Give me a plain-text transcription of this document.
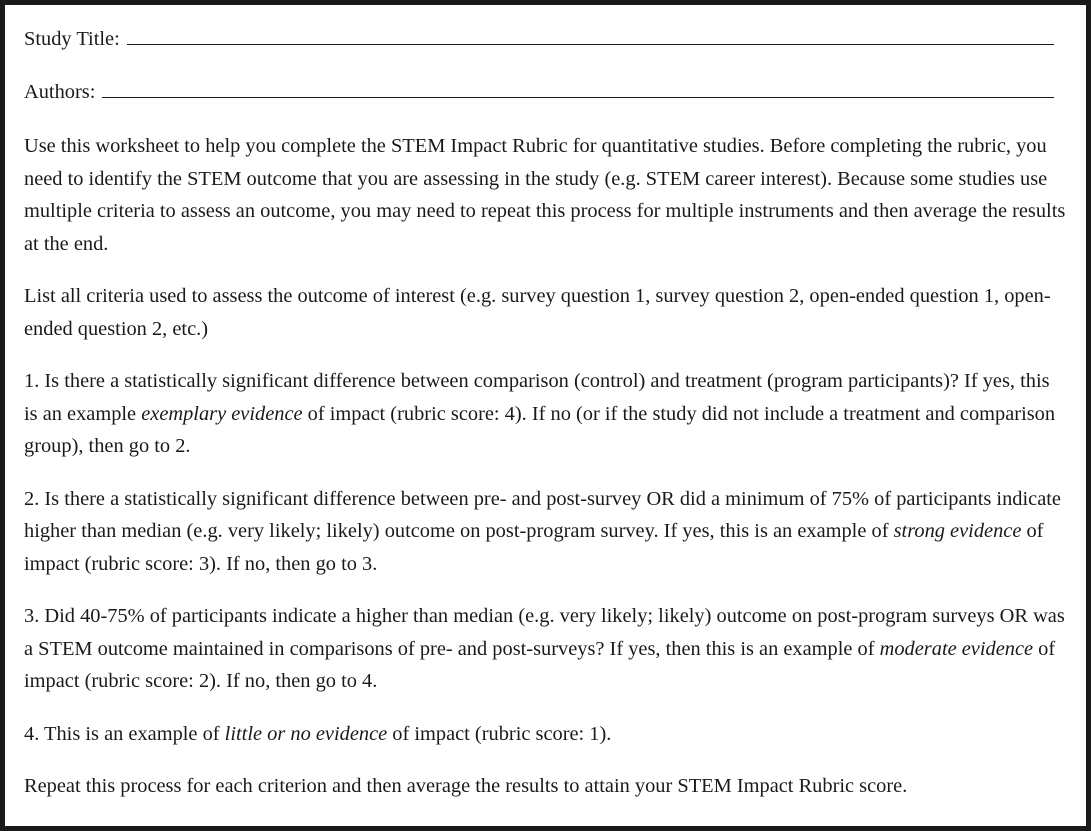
Study Title:
Authors:

Use this worksheet to help you complete the STEM Impact Rubric for quantitative studies. Before completing the rubric, you need to identify the STEM outcome that you are assessing in the study (e.g. STEM career interest). Because some studies use multiple criteria to assess an outcome, you may need to repeat this process for multiple instruments and then average the results at the end.

List all criteria used to assess the outcome of interest (e.g. survey question 1, survey question 2, open-ended question 1, open-ended question 2, etc.)

1. Is there a statistically significant difference between comparison (control) and treatment (program participants)? If yes, this is an example exemplary evidence of impact (rubric score: 4). If no (or if the study did not include a treatment and comparison group), then go to 2.

2. Is there a statistically significant difference between pre- and post-survey OR did a minimum of 75% of participants indicate higher than median (e.g. very likely; likely) outcome on post-program survey. If yes, this is an example of strong evidence of impact (rubric score: 3). If no, then go to 3.

3. Did 40-75% of participants indicate a higher than median (e.g. very likely; likely) outcome on post-program surveys OR was a STEM outcome maintained in comparisons of pre- and post-surveys? If yes, then this is an example of moderate evidence of impact (rubric score: 2). If no, then go to 4.

4. This is an example of little or no evidence of impact (rubric score: 1).

Repeat this process for each criterion and then average the results to attain your STEM Impact Rubric score.
